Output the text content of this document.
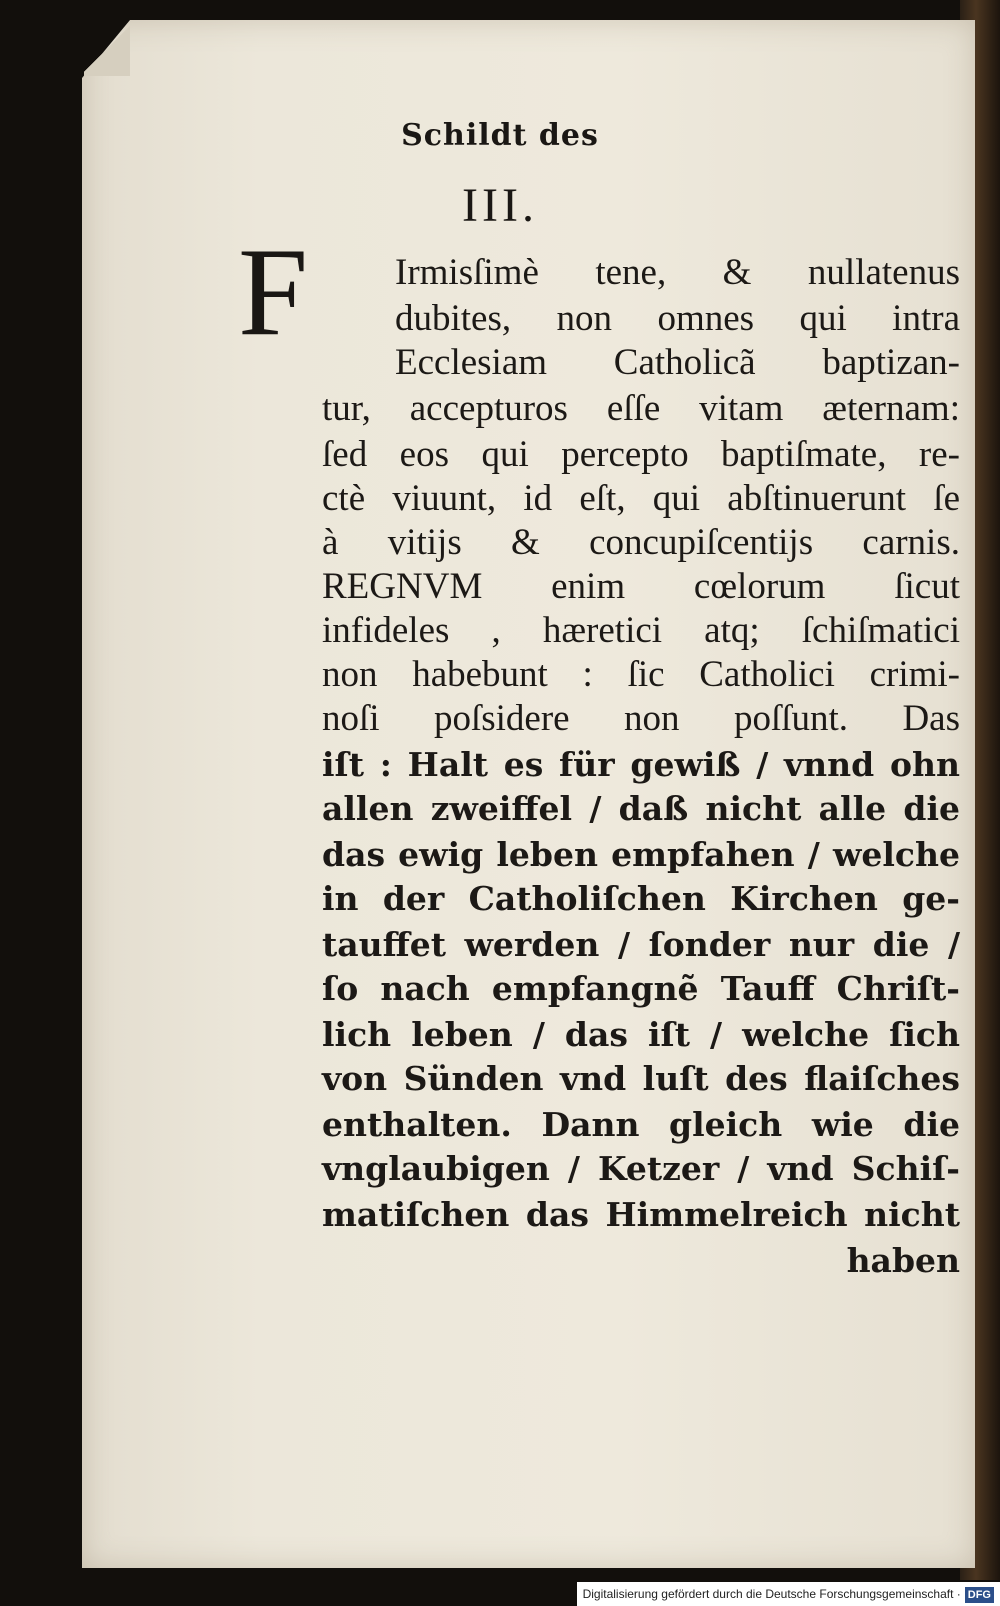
Schildt des
III.
F Irmisſimè tene, & nullatenus
dubites, non omnes qui intra
Ecclesiam Catholicã baptizan-
tur, accepturos eſſe vitam æternam:
ſed eos qui percepto baptiſmate, re-
ctè viuunt, id eſt, qui abſtinuerunt ſe
à vitijs & concupiſcentijs carnis.
REGNVM enim cœlorum ſicut
infideles , hæretici atq; ſchiſmatici
non habebunt : ſic Catholici crimi-
noſi poſsidere non poſſunt. Das
iſt : Halt es für gewiß / vnnd ohn
allen zweiffel / daß nicht alle die
das ewig leben empfahen / welche
in der Catholiſchen Kirchen ge-
tauffet werden / ſonder nur die /
ſo nach empfangnẽ Tauff Chriſt-
lich leben / das iſt / welche ſich
von Sünden vnd luſt des flaiſches
enthalten. Dann gleich wie die
vnglaubigen / Ketzer / vnd Schiſ-
matiſchen das Himmelreich nicht
haben
Digitalisierung gefördert durch die Deutsche Forschungsgemeinschaft · DFG
